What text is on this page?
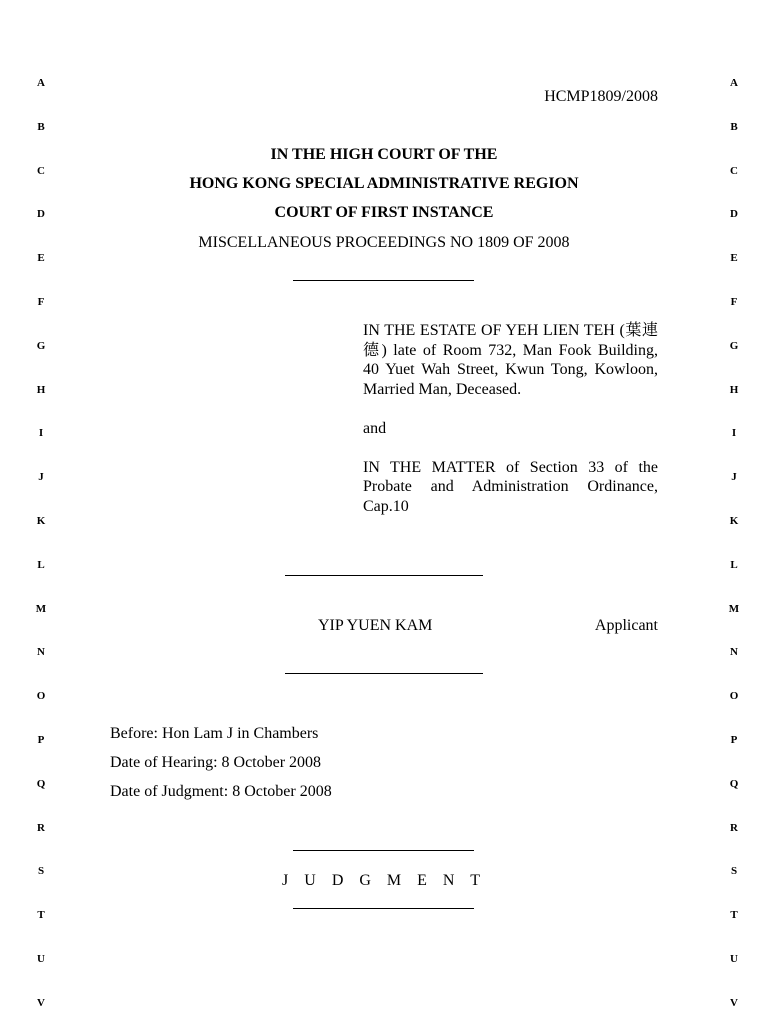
A
B
C
D
E
F
G
H
I
J
K
L
M
N
O
P
Q
R
S
T
U
V
A
B
C
D
E
F
G
H
I
J
K
L
M
N
O
P
Q
R
S
T
U
V
HCMP1809/2008
IN THE HIGH COURT OF THE
HONG KONG SPECIAL ADMINISTRATIVE REGION
COURT OF FIRST INSTANCE
MISCELLANEOUS PROCEEDINGS NO 1809 OF 2008

IN THE ESTATE OF YEH LIEN TEH (葉連德) late of Room 732, Man Fook Building, 40 Yuet Wah Street, Kwun Tong, Kowloon, Married Man, Deceased.

and

IN THE MATTER of Section 33 of the Probate and Administration Ordinance, Cap.10

YIP YUEN KAM	Applicant
Before: Hon Lam J in Chambers
Date of Hearing: 8 October 2008
Date of Judgment: 8 October 2008
J U D G M E N T
